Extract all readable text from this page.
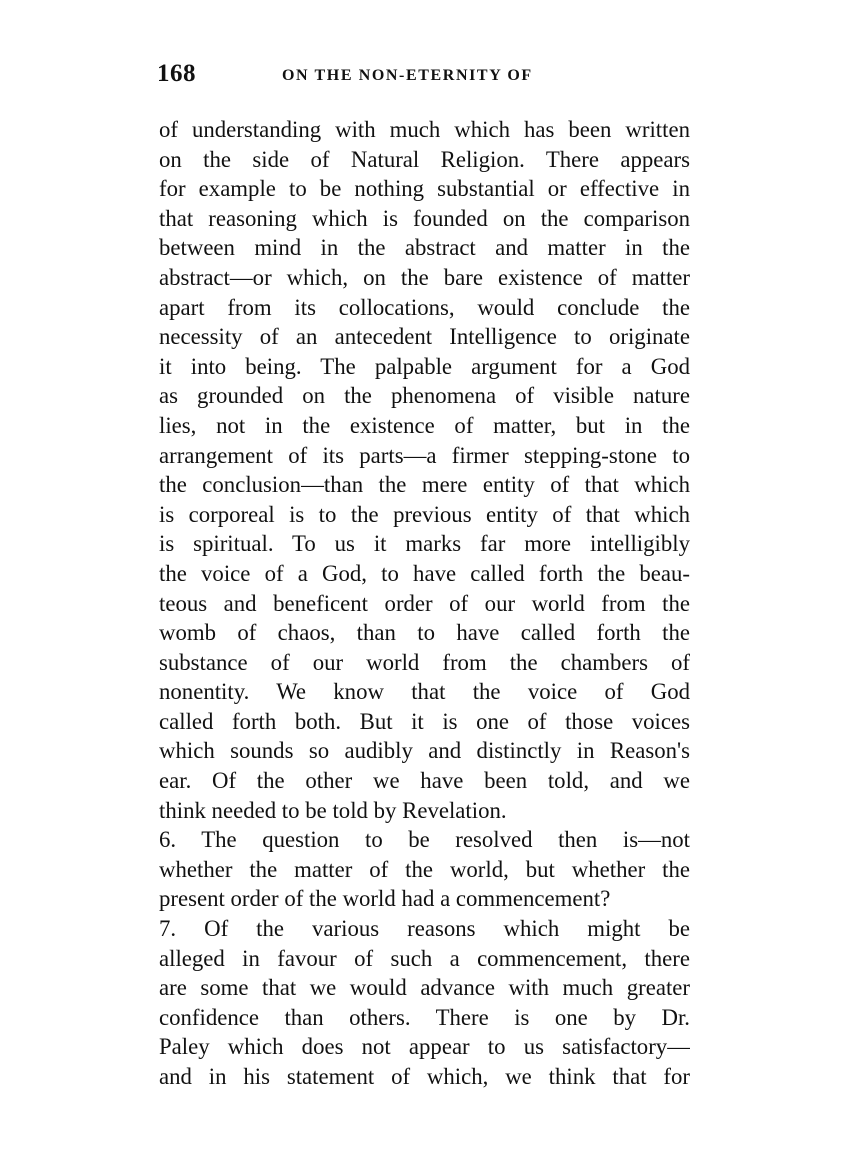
168	ON THE NON-ETERNITY OF
of understanding with much which has been written
on the side of Natural Religion. There appears
for example to be nothing substantial or effective in
that reasoning which is founded on the comparison
between mind in the abstract and matter in the
abstract—or which, on the bare existence of matter
apart from its collocations, would conclude the
necessity of an antecedent Intelligence to originate
it into being. The palpable argument for a God
as grounded on the phenomena of visible nature
lies, not in the existence of matter, but in the
arrangement of its parts—a firmer stepping-stone to
the conclusion—than the mere entity of that which
is corporeal is to the previous entity of that which
is spiritual. To us it marks far more intelligibly
the voice of a God, to have called forth the beau-
teous and beneficent order of our world from the
womb of chaos, than to have called forth the
substance of our world from the chambers of
nonentity. We know that the voice of God
called forth both. But it is one of those voices
which sounds so audibly and distinctly in Reason's
ear. Of the other we have been told, and we
think needed to be told by Revelation.
6. The question to be resolved then is—not
whether the matter of the world, but whether the
present order of the world had a commencement?
7. Of the various reasons which might be
alleged in favour of such a commencement, there
are some that we would advance with much greater
confidence than others. There is one by Dr.
Paley which does not appear to us satisfactory—
and in his statement of which, we think that for
